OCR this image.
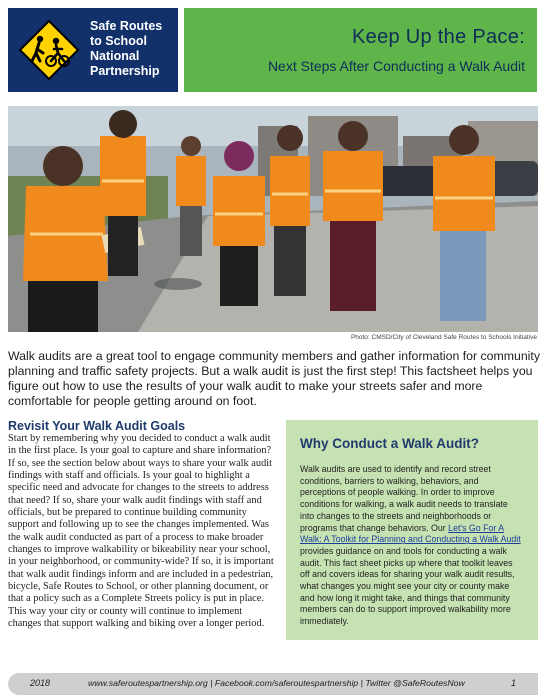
Safe Routes
to School
National
Partnership
Keep Up the Pace:
Next Steps After Conducting a Walk Audit
Photo: CMSD/City of Cleveland Safe Routes to Schools Initiative
Walk audits are a great tool to engage community members and gather information for community planning and traffic safety projects. But a walk audit is just the first step! This factsheet helps you figure out how to use the results of your walk audit to make your streets safer and more comfortable for people getting around on foot.
Revisit Your Walk Audit Goals
Start by remembering why you decided to conduct a walk audit in the first place. Is your goal to capture and share information? If so, see the section below about ways to share your walk audit findings with staff and officials. Is your goal to highlight a specific need and advocate for changes to the streets to address that need? If so, share your walk audit findings with staff and officials, but be prepared to continue building community support and following up to see the changes implemented. Was the walk audit conducted as part of a process to make broader changes to improve walkability or bikeability near your school, in your neighborhood, or community-wide? If so, it is important that walk audit findings inform and are included in a pedestrian, bicycle, Safe Routes to School, or other planning document, or that a policy such as a Complete Streets policy is put in place. This way your city or county will continue to implement changes that support walking and biking over a longer period.
Why Conduct a Walk Audit?
Walk audits are used to identify and record street conditions, barriers to walking, behaviors, and perceptions of people walking. In order to improve conditions for walking, a walk audit needs to translate into changes to the streets and neighborhoods or programs that change behaviors. Our Let's Go For A Walk: A Toolkit for Planning and Conducting a Walk Audit provides guidance on and tools for conducting a walk audit. This fact sheet picks up where that toolkit leaves off and covers ideas for sharing your walk audit results, what changes you might see your city or county make and how long it might take, and things that community members can do to support improved walkability more immediately.
2018	www.saferoutespartnership.org | Facebook.com/saferoutespartnership | Twitter @SafeRoutesNow	1
